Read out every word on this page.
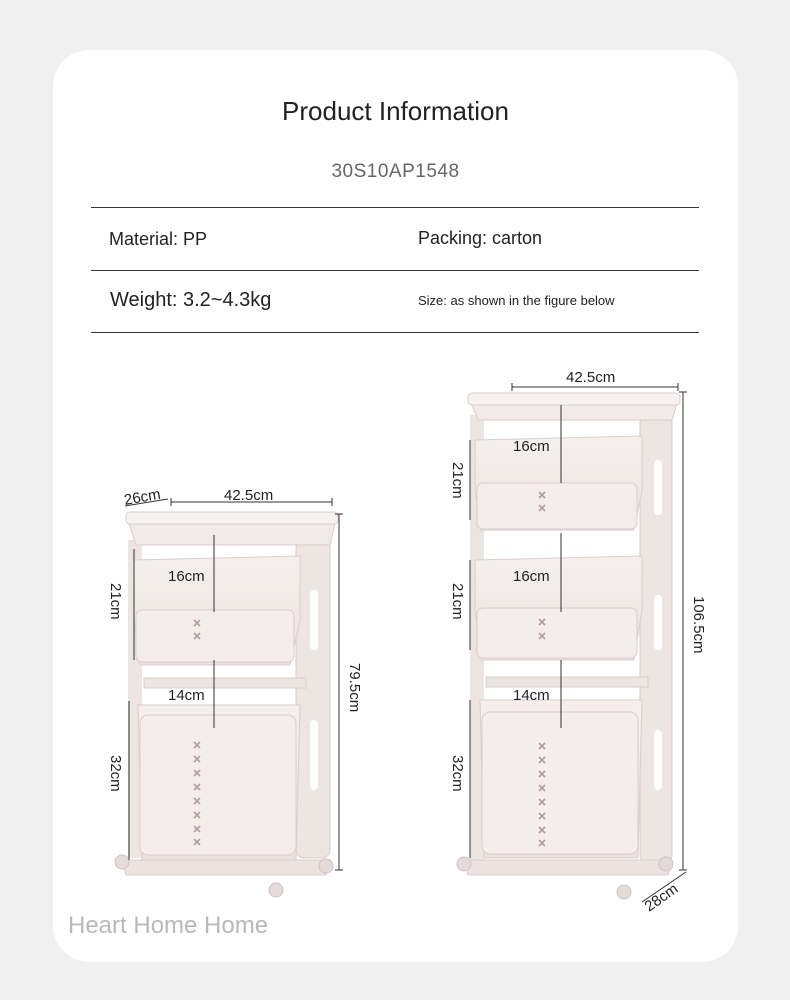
Product Information
30S10AP1548
Material: PP	Packing: carton
Weight: 3.2~4.3kg	Size: as shown in the figure below
Heart Home Home
26cm	42.5cm
21cm
16cm
14cm
32cm
79.5cm
42.5cm
16cm
21cm
16cm
21cm
14cm
32cm
106.5cm
28cm
